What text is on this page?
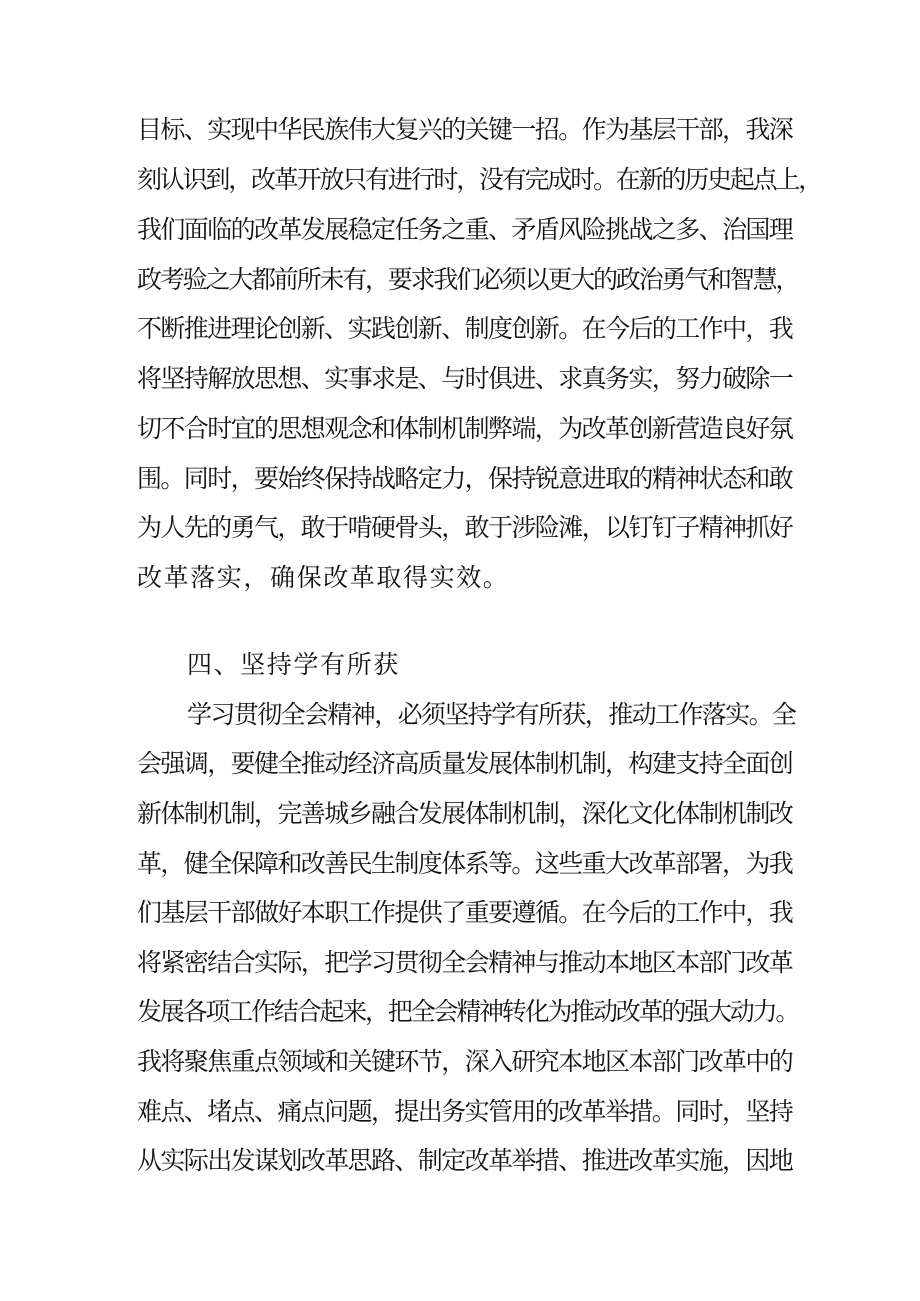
目标、实现中华民族伟大复兴的关键一招。作为基层干部，我深
刻认识到，改革开放只有进行时，没有完成时。在新的历史起点上，
我们面临的改革发展稳定任务之重、矛盾风险挑战之多、治国理
政考验之大都前所未有，要求我们必须以更大的政治勇气和智慧，
不断推进理论创新、实践创新、制度创新。在今后的工作中，我
将坚持解放思想、实事求是、与时俱进、求真务实，努力破除一
切不合时宜的思想观念和体制机制弊端，为改革创新营造良好氛
围。同时，要始终保持战略定力，保持锐意进取的精神状态和敢
为人先的勇气，敢于啃硬骨头，敢于涉险滩，以钉钉子精神抓好
改革落实，确保改革取得实效。
四、坚持学有所获
学习贯彻全会精神，必须坚持学有所获，推动工作落实。全
会强调，要健全推动经济高质量发展体制机制，构建支持全面创
新体制机制，完善城乡融合发展体制机制，深化文化体制机制改
革，健全保障和改善民生制度体系等。这些重大改革部署，为我
们基层干部做好本职工作提供了重要遵循。在今后的工作中，我
将紧密结合实际，把学习贯彻全会精神与推动本地区本部门改革
发展各项工作结合起来，把全会精神转化为推动改革的强大动力。
我将聚焦重点领域和关键环节，深入研究本地区本部门改革中的
难点、堵点、痛点问题，提出务实管用的改革举措。同时，坚持
从实际出发谋划改革思路、制定改革举措、推进改革实施，因地
